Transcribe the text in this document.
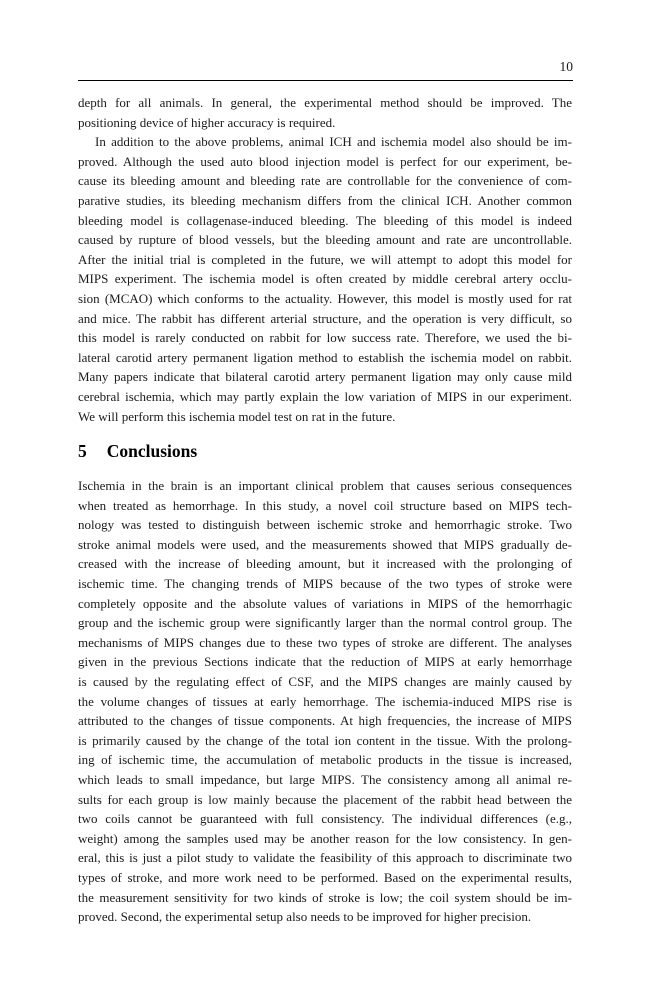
10
depth for all animals. In general, the experimental method should be improved. The
positioning device of higher accuracy is required.
In addition to the above problems, animal ICH and ischemia model also should be im-
proved. Although the used auto blood injection model is perfect for our experiment, be-
cause its bleeding amount and bleeding rate are controllable for the convenience of com-
parative studies, its bleeding mechanism differs from the clinical ICH. Another common
bleeding model is collagenase-induced bleeding. The bleeding of this model is indeed
caused by rupture of blood vessels, but the bleeding amount and rate are uncontrollable.
After the initial trial is completed in the future, we will attempt to adopt this model for
MIPS experiment. The ischemia model is often created by middle cerebral artery occlu-
sion (MCAO) which conforms to the actuality. However, this model is mostly used for rat
and mice. The rabbit has different arterial structure, and the operation is very difficult, so
this model is rarely conducted on rabbit for low success rate. Therefore, we used the bi-
lateral carotid artery permanent ligation method to establish the ischemia model on rabbit.
Many papers indicate that bilateral carotid artery permanent ligation may only cause mild
cerebral ischemia, which may partly explain the low variation of MIPS in our experiment.
We will perform this ischemia model test on rat in the future.
5 Conclusions
Ischemia in the brain is an important clinical problem that causes serious consequences
when treated as hemorrhage. In this study, a novel coil structure based on MIPS tech-
nology was tested to distinguish between ischemic stroke and hemorrhagic stroke. Two
stroke animal models were used, and the measurements showed that MIPS gradually de-
creased with the increase of bleeding amount, but it increased with the prolonging of
ischemic time. The changing trends of MIPS because of the two types of stroke were
completely opposite and the absolute values of variations in MIPS of the hemorrhagic
group and the ischemic group were significantly larger than the normal control group. The
mechanisms of MIPS changes due to these two types of stroke are different. The analyses
given in the previous Sections indicate that the reduction of MIPS at early hemorrhage
is caused by the regulating effect of CSF, and the MIPS changes are mainly caused by
the volume changes of tissues at early hemorrhage. The ischemia-induced MIPS rise is
attributed to the changes of tissue components. At high frequencies, the increase of MIPS
is primarily caused by the change of the total ion content in the tissue. With the prolong-
ing of ischemic time, the accumulation of metabolic products in the tissue is increased,
which leads to small impedance, but large MIPS. The consistency among all animal re-
sults for each group is low mainly because the placement of the rabbit head between the
two coils cannot be guaranteed with full consistency. The individual differences (e.g.,
weight) among the samples used may be another reason for the low consistency. In gen-
eral, this is just a pilot study to validate the feasibility of this approach to discriminate two
types of stroke, and more work need to be performed. Based on the experimental results,
the measurement sensitivity for two kinds of stroke is low; the coil system should be im-
proved. Second, the experimental setup also needs to be improved for higher precision.
